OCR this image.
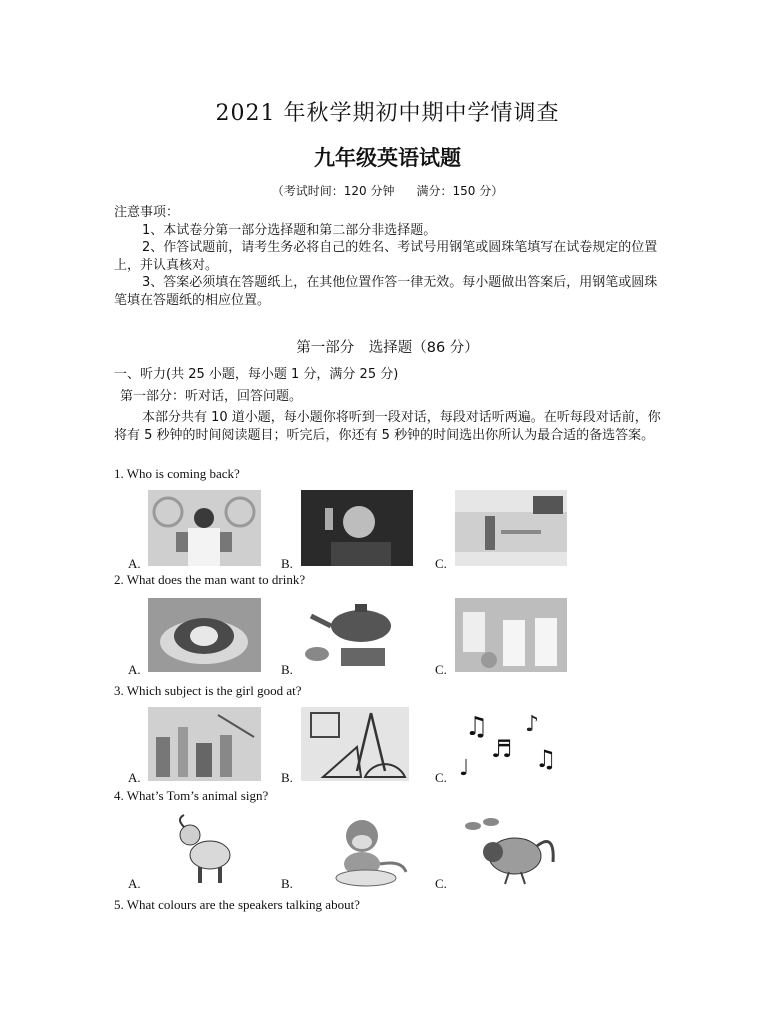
2021 年秋学期初中期中学情调查
九年级英语试题
（考试时间：120 分钟 满分：150 分）

注意事项：

1、本试卷分第一部分选择题和第二部分非选择题。

2、作答试题前，请考生务必将自己的姓名、考试号用钢笔或圆珠笔填写在试卷规定的位置上，并认真核对。

3、答案必须填在答题纸上，在其他位置作答一律无效。每小题做出答案后，用钢笔或圆珠笔填在答题纸的相应位置。

第一部分　选择题（86 分）
一、听力(共 25 小题，每小题 1 分，满分 25 分)
第一部分：听对话，回答问题。
本部分共有 10 道小题，每小题你将听到一段对话，每段对话听两遍。在听每段对话前，你将有 5 秒钟的时间阅读题目；听完后，你还有 5 秒钟的时间选出你所认为最合适的备选答案。
1. Who is coming back?
A.	B.	C.
2. What does the man want to drink?
A.	B.	C.
3. Which subject is the girl good at?
A.	B.
♫ ♪
♬ ♫
♩
C.
4. What’s Tom’s animal sign?
A.	B.	C.
5. What colours are the speakers talking about?
